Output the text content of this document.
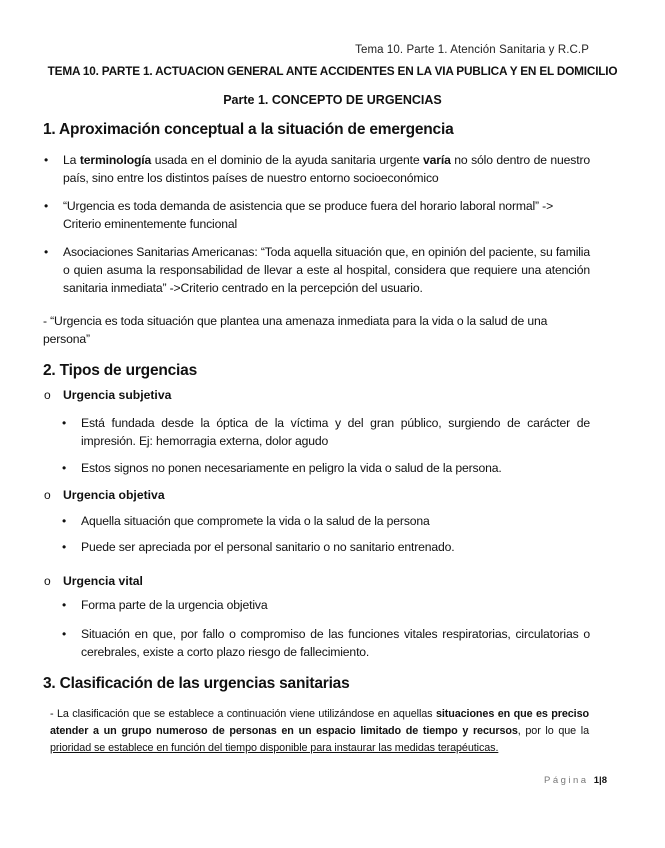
Tema 10. Parte 1. Atención Sanitaria y R.C.P
TEMA 10. PARTE 1. ACTUACION GENERAL ANTE ACCIDENTES EN LA VIA PUBLICA Y EN EL DOMICILIO
Parte 1. CONCEPTO DE URGENCIAS
1. Aproximación conceptual a la situación de emergencia
• La terminología usada en el dominio de la ayuda sanitaria urgente varía no sólo dentro de nuestro país, sino entre los distintos países de nuestro entorno socioeconómico
• “Urgencia es toda demanda de asistencia que se produce fuera del horario laboral normal” -> Criterio eminentemente funcional
• Asociaciones Sanitarias Americanas: “Toda aquella situación que, en opinión del paciente, su familia o quien asuma la responsabilidad de llevar a este al hospital, considera que requiere una atención sanitaria inmediata” ->Criterio centrado en la percepción del usuario.
- “Urgencia es toda situación que plantea una amenaza inmediata para la vida o la salud de una persona”
2. Tipos de urgencias
o Urgencia subjetiva
• Está fundada desde la óptica de la víctima y del gran público, surgiendo de carácter de impresión. Ej: hemorragia externa, dolor agudo
• Estos signos no ponen necesariamente en peligro la vida o salud de la persona.
o Urgencia objetiva
• Aquella situación que compromete la vida o la salud de la persona
• Puede ser apreciada por el personal sanitario o no sanitario entrenado.
o Urgencia vital
• Forma parte de la urgencia objetiva
• Situación en que, por fallo o compromiso de las funciones vitales respiratorias, circulatorias o cerebrales, existe a corto plazo riesgo de fallecimiento.
3. Clasificación de las urgencias sanitarias
- La clasificación que se establece a continuación viene utilizándose en aquellas situaciones en que es preciso atender a un grupo numeroso de personas en un espacio limitado de tiempo y recursos, por lo que la prioridad se establece en función del tiempo disponible para instaurar las medidas terapéuticas.
Página 1|8
